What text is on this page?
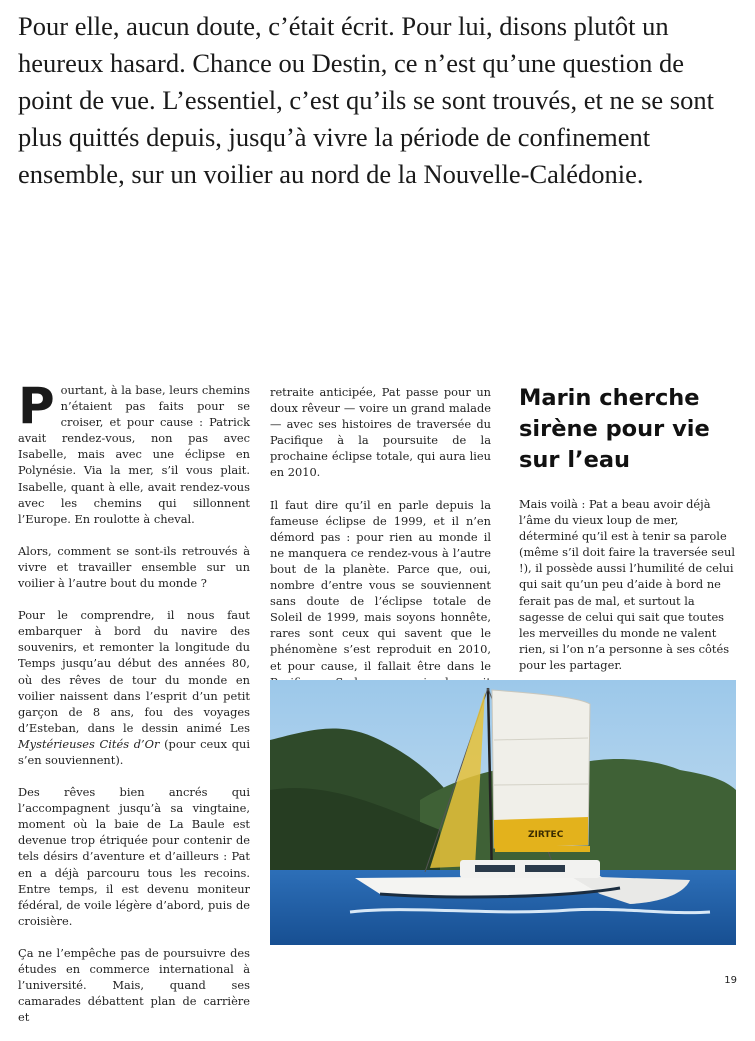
Pour elle, aucun doute, c’était écrit. Pour lui, disons plutôt un heureux hasard. Chance ou Destin, ce n’est qu’une question de point de vue. L’essentiel, c’est qu’ils se sont trouvés, et ne se sont plus quittés depuis, jusqu’à vivre la période de confinement ensemble, sur un voilier au nord de la Nouvelle-Calédonie.

Pourtant, à la base, leurs chemins n’étaient pas faits pour se croiser, et pour cause : Patrick avait rendez-vous, non pas avec Isabelle, mais avec une éclipse en Polynésie. Via la mer, s’il vous plait. Isabelle, quant à elle, avait rendez-vous avec les chemins qui sillonnent l’Europe. En roulotte à cheval.

Alors, comment se sont-ils retrouvés à vivre et travailler ensemble sur un voilier à l’autre bout du monde ?

Pour le comprendre, il nous faut embarquer à bord du navire des souvenirs, et remonter la longitude du Temps jusqu’au début des années 80, où des rêves de tour du monde en voilier naissent dans l’esprit d’un petit garçon de 8 ans, fou des voyages d’Esteban, dans le dessin animé Les Mystérieuses Cités d’Or (pour ceux qui s’en souviennent).

Des rêves bien ancrés qui l’accompagnent jusqu’à sa vingtaine, moment où la baie de La Baule est devenue trop étriquée pour contenir de tels désirs d’aventure et d’ailleurs : Pat en a déjà parcouru tous les recoins. Entre temps, il est devenu moniteur fédéral, de voile légère d’abord, puis de croisière.

Ça ne l’empêche pas de poursuivre des études en commerce international à l’université. Mais, quand ses camarades débattent plan de carrière et

retraite anticipée, Pat passe pour un doux rêveur — voire un grand malade — avec ses histoires de traversée du Pacifique à la poursuite de la prochaine éclipse totale, qui aura lieu en 2010.

Il faut dire qu’il en parle depuis la fameuse éclipse de 1999, et il n’en démord pas : pour rien au monde il ne manquera ce rendez-vous à l’autre bout de la planète. Parce que, oui, nombre d’entre vous se souviennent sans doute de l’éclipse totale de Soleil de 1999, mais soyons honnête, rares sont ceux qui savent que le phénomène s’est reproduit en 2010, et pour cause, il fallait être dans le

Marin cherche sirène pour vie sur l’eau

Mais voilà : Pat a beau avoir déjà l’âme du vieux loup de mer, déterminé qu’il est à tenir sa parole (même s’il doit faire la traversée seul !), il possède aussi l’humilité de celui qui sait qu’un peu d’aide à bord ne ferait pas de mal, et surtout la sagesse de celui qui sait que toutes les merveilles du monde ne valent rien, si l’on n’a personne à ses côtés pour les partager.

ZIRTEC
19
